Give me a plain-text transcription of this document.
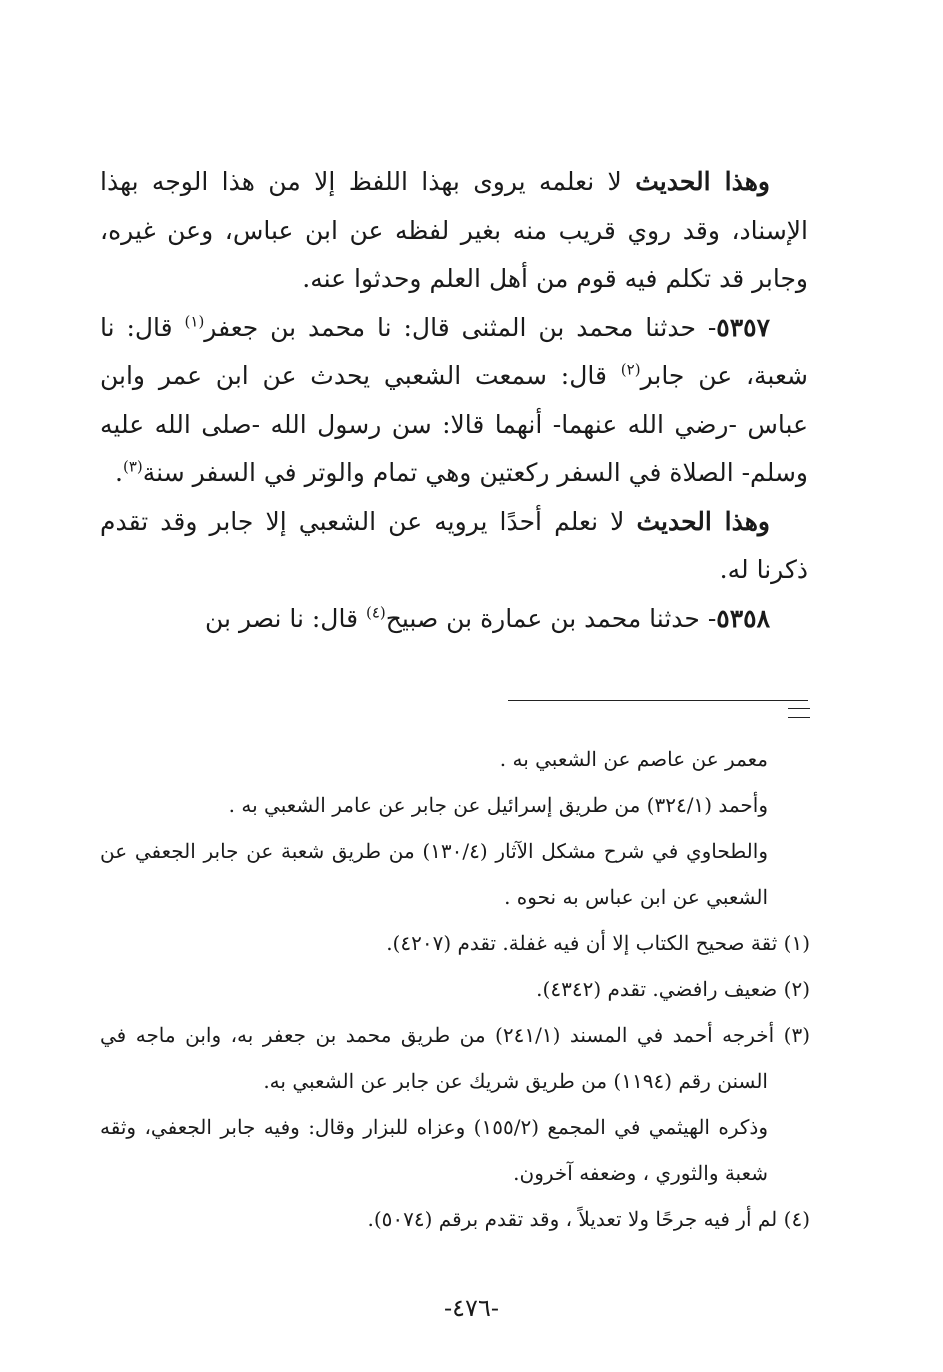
وهذا الحديث لا نعلمه يروى بهذا اللفظ إلا من هذا الوجه بهذا الإسناد، وقد روي قريب منه بغير لفظه عن ابن عباس، وعن غيره، وجابر قد تكلم فيه قوم من أهل العلم وحدثوا عنه.

٥٣٥٧- حدثنا محمد بن المثنى قال: نا محمد بن جعفر$^{(١)}$ قال: نا شعبة، عن جابر$^{(٢)}$ قال: سمعت الشعبي يحدث عن ابن عمر وابن عباس -رضي الله عنهما- أنهما قالا: سن رسول الله -صلى الله عليه وسلم- الصلاة في السفر ركعتين وهي تمام والوتر في السفر سنة$^{(٣)}$.

وهذا الحديث لا نعلم أحدًا يرويه عن الشعبي إلا جابر وقد تقدم ذكرنا له.

٥٣٥٨- حدثنا محمد بن عمارة بن صبيح$^{(٤)}$ قال: نا نصر بن

معمر عن عاصم عن الشعبي به .

وأحمد (٣٢٤/١) من طريق إسرائيل عن جابر عن عامر الشعبي به .

والطحاوي في شرح مشكل الآثار (١٣٠/٤) من طريق شعبة عن جابر الجعفي عن الشعبي عن ابن عباس به نحوه .

(١) ثقة صحيح الكتاب إلا أن فيه غفلة. تقدم (٤٢٠٧).

(٢) ضعيف رافضي. تقدم (٤٣٤٢).

(٣) أخرجه أحمد في المسند (٢٤١/١) من طريق محمد بن جعفر به، وابن ماجه في السنن رقم (١١٩٤) من طريق شريك عن جابر عن الشعبي به.

وذكره الهيثمي في المجمع (١٥٥/٢) وعزاه للبزار وقال: وفيه جابر الجعفي، وثقه شعبة والثوري ، وضعفه آخرون.

(٤) لم أر فيه جرحًا ولا تعديلاً ، وقد تقدم برقم (٥٠٧٤).

-٤٧٦-
